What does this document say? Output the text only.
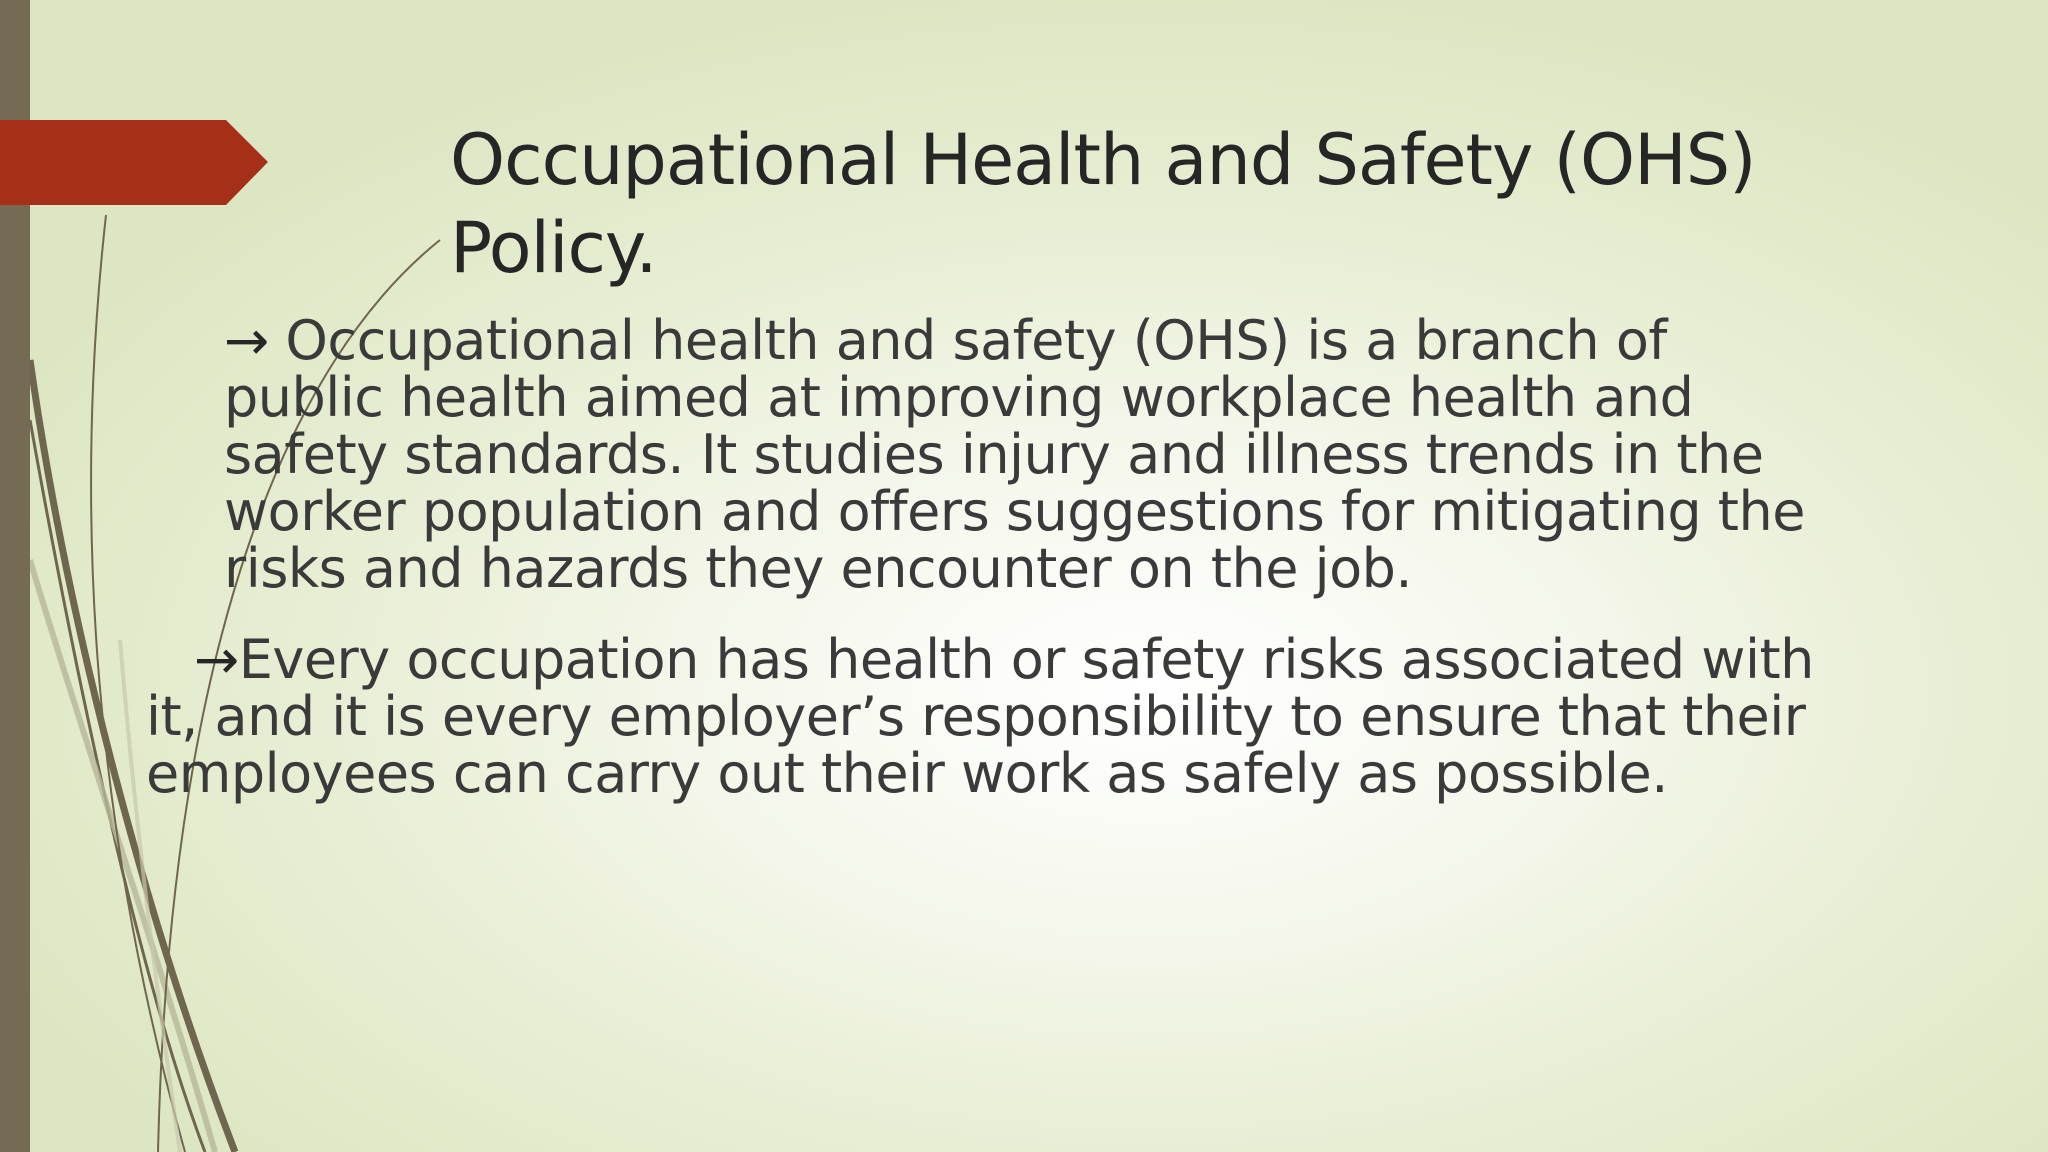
Occupational Health and Safety (OHS) Policy.

→ Occupational health and safety (OHS) is a branch of public health aimed at improving workplace health and safety standards. It studies injury and illness trends in the worker population and offers suggestions for mitigating the risks and hazards they encounter on the job.

→Every occupation has health or safety risks associated with it, and it is every employer’s responsibility to ensure that their employees can carry out their work as safely as possible.
